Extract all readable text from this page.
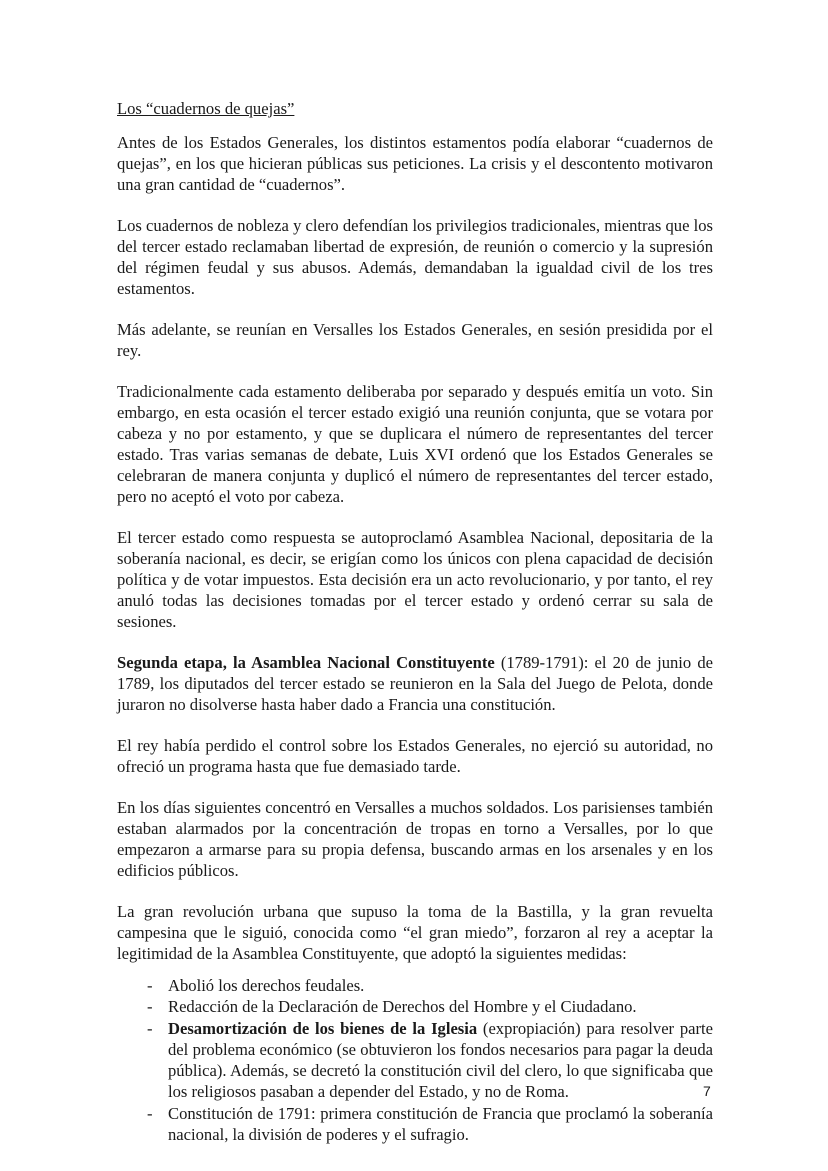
Los “cuadernos de quejas”

Antes de los Estados Generales, los distintos estamentos podía elaborar “cuadernos de quejas”, en los que hicieran públicas sus peticiones. La crisis y el descontento motivaron una gran cantidad de “cuadernos”.

Los cuadernos de nobleza y clero defendían los privilegios tradicionales, mientras que los del tercer estado reclamaban libertad de expresión, de reunión o comercio y la supresión del régimen feudal y sus abusos. Además, demandaban la igualdad civil de los tres estamentos.

Más adelante, se reunían en Versalles los Estados Generales, en sesión presidida por el rey.

Tradicionalmente cada estamento deliberaba por separado y después emitía un voto. Sin embargo, en esta ocasión el tercer estado exigió una reunión conjunta, que se votara por cabeza y no por estamento, y que se duplicara el número de representantes del tercer estado. Tras varias semanas de debate, Luis XVI ordenó que los Estados Generales se celebraran de manera conjunta y duplicó el número de representantes del tercer estado, pero no aceptó el voto por cabeza.

El tercer estado como respuesta se autoproclamó Asamblea Nacional, depositaria de la soberanía nacional, es decir, se erigían como los únicos con plena capacidad de decisión política y de votar impuestos. Esta decisión era un acto revolucionario, y por tanto, el rey anuló todas las decisiones tomadas por el tercer estado y ordenó cerrar su sala de sesiones.

Segunda etapa, la Asamblea Nacional Constituyente (1789-1791): el 20 de junio de 1789, los diputados del tercer estado se reunieron en la Sala del Juego de Pelota, donde juraron no disolverse hasta haber dado a Francia una constitución.

El rey había perdido el control sobre los Estados Generales, no ejerció su autoridad, no ofreció un programa hasta que fue demasiado tarde.

En los días siguientes concentró en Versalles a muchos soldados. Los parisienses también estaban alarmados por la concentración de tropas en torno a Versalles, por lo que empezaron a armarse para su propia defensa, buscando armas en los arsenales y en los edificios públicos.

La gran revolución urbana que supuso la toma de la Bastilla, y la gran revuelta campesina que le siguió, conocida como “el gran miedo”, forzaron al rey a aceptar la legitimidad de la Asamblea Constituyente, que adoptó la siguientes medidas:

- Abolió los derechos feudales.
- Redacción de la Declaración de Derechos del Hombre y el Ciudadano.
- Desamortización de los bienes de la Iglesia (expropiación) para resolver parte del problema económico (se obtuvieron los fondos necesarios para pagar la deuda pública). Además, se decretó la constitución civil del clero, lo que significaba que los religiosos pasaban a depender del Estado, y no de Roma.
- Constitución de 1791: primera constitución de Francia que proclamó la soberanía nacional, la división de poderes y el sufragio.
7
